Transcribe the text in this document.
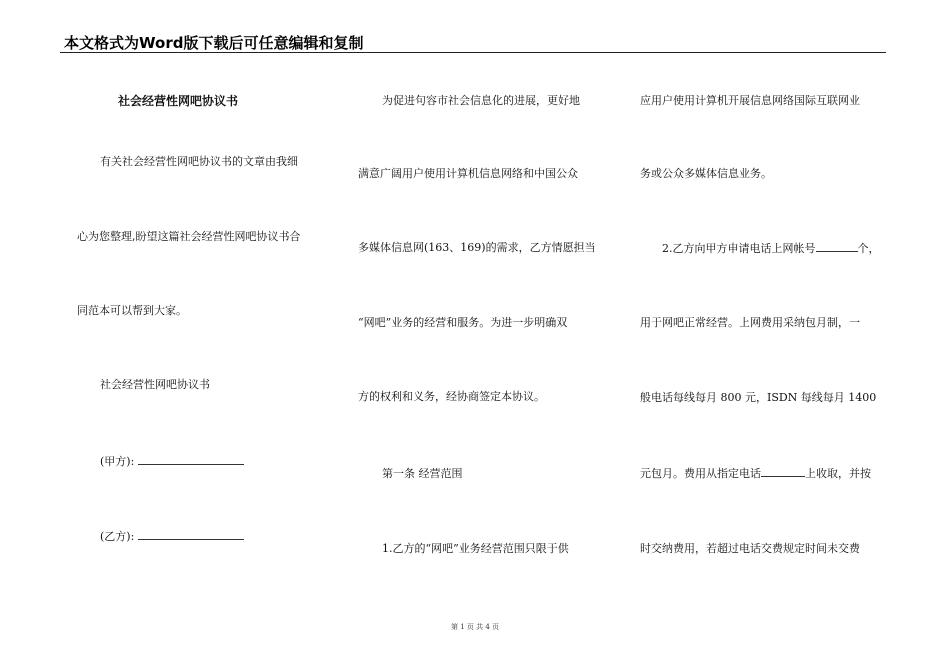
本文格式为Word版下载后可任意编辑和复制
社会经营性网吧协议书
有关社会经营性网吧协议书的文章由我细
心为您整理,盼望这篇社会经营性网吧协议书合
同范本可以帮到大家。
社会经营性网吧协议书
(甲方):
(乙方):
为促进句容市社会信息化的进展，更好地
满意广阔用户使用计算机信息网络和中国公众
多媒体信息网(163、169)的需求，乙方情愿担当
“网吧”业务的经营和服务。为进一步明确双
方的权利和义务，经协商签定本协议。
第一条 经营范围
1.乙方的“网吧”业务经营范围只限于供
应用户使用计算机开展信息网络国际互联网业
务或公众多媒体信息业务。
2.乙方向甲方申请电话上网帐号	个，
用于网吧正常经营。上网费用采纳包月制，一
般电话每线每月 800 元，ISDN 每线每月 1400
元包月。费用从指定电话	上收取，并按
时交纳费用，若超过电话交费规定时间未交费
第 1 页 共 4 页
